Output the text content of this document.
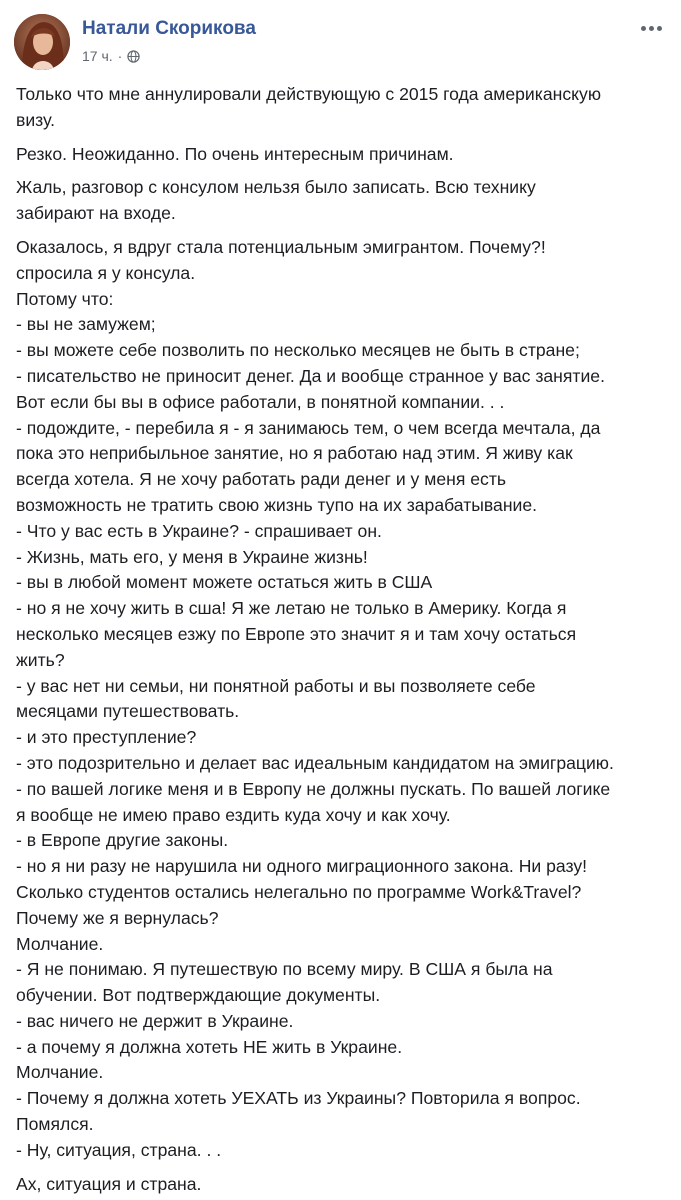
Натали Скорикова
17 ч. ·
Только что мне аннулировали действующую с 2015 года американскую
визу.
Резко. Неожиданно. По очень интересным причинам.
Жаль, разговор с консулом нельзя было записать. Всю технику
забирают на входе.
Оказалось, я вдруг стала потенциальным эмигрантом. Почему?!
спросила я у консула.
Потому что:
- вы не замужем;
- вы можете себе позволить по несколько месяцев не быть в стране;
- писательство не приносит денег. Да и вообще странное у вас занятие.
Вот если бы вы в офисе работали, в понятной компании. . .
- подождите, - перебила я - я занимаюсь тем, о чем всегда мечтала, да
пока это неприбыльное занятие, но я работаю над этим. Я живу как
всегда хотела. Я не хочу работать ради денег и у меня есть
возможность не тратить свою жизнь тупо на их зарабатывание.
- Что у вас есть в Украине? - спрашивает он.
- Жизнь, мать его, у меня в Украине жизнь!
- вы в любой момент можете остаться жить в США
- но я не хочу жить в сша! Я же летаю не только в Америку. Когда я
несколько месяцев езжу по Европе это значит я и там хочу остаться
жить?
- у вас нет ни семьи, ни понятной работы и вы позволяете себе
месяцами путешествовать.
- и это преступление?
- это подозрительно и делает вас идеальным кандидатом на эмиграцию.
- по вашей логике меня и в Европу не должны пускать. По вашей логике
я вообще не имею право ездить куда хочу и как хочу.
- в Европе другие законы.
- но я ни разу не нарушила ни одного миграционного закона. Ни разу!
Сколько студентов остались нелегально по программе Work&Travel?
Почему же я вернулась?
Молчание.
- Я не понимаю. Я путешествую по всему миру. В США я была на
обучении. Вот подтверждающие документы.
- вас ничего не держит в Украине.
- а почему я должна хотеть НЕ жить в Украине.
Молчание.
- Почему я должна хотеть УЕХАТЬ из Украины? Повторила я вопрос.
Помялся.
- Ну, ситуация, страна. . .
Ах, ситуация и страна.
